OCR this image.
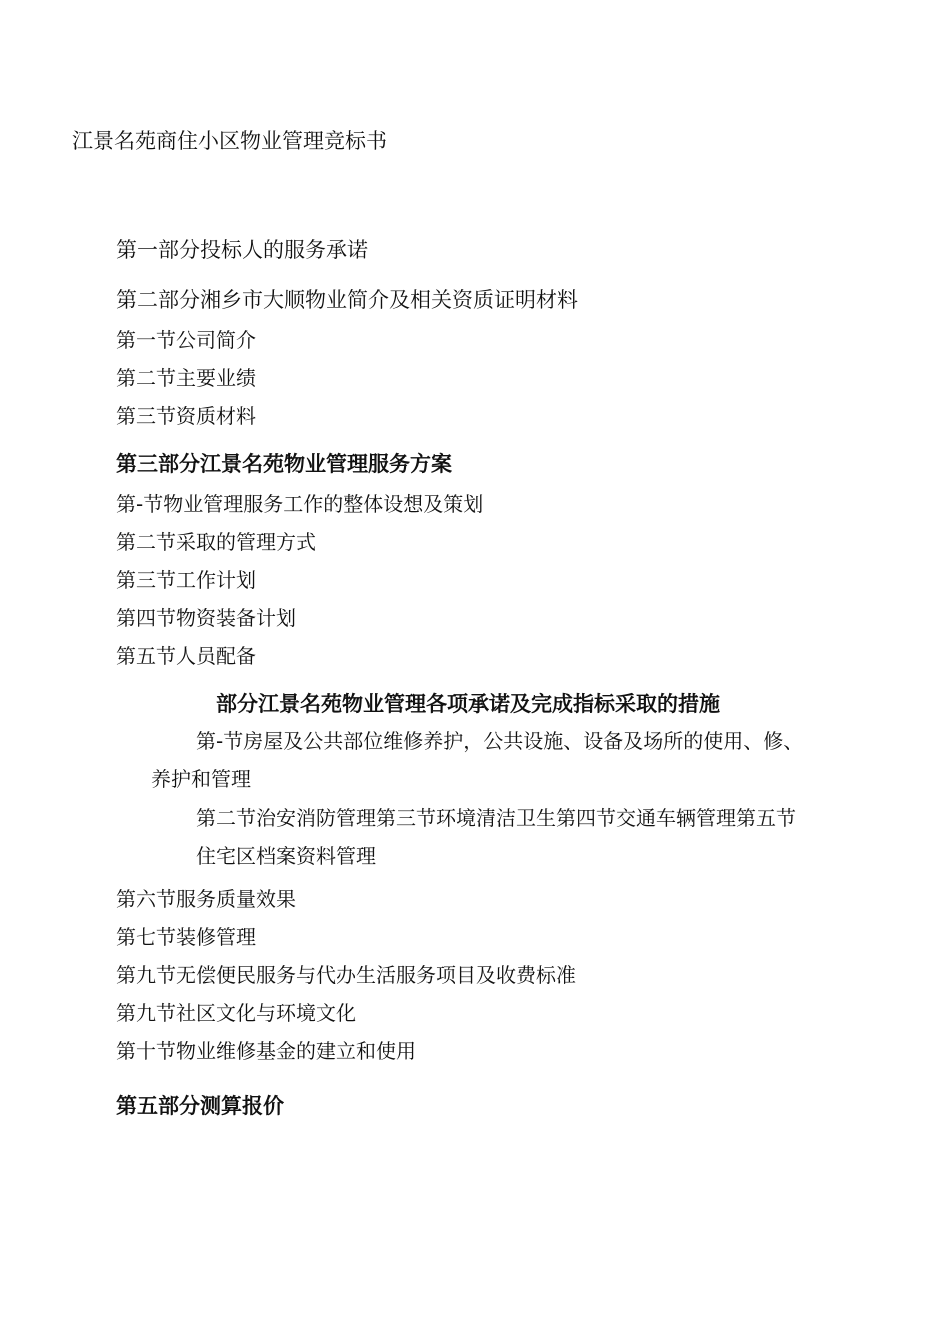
江景名苑商住小区物业管理竞标书

第一部分投标人的服务承诺

第二部分湘乡市大顺物业简介及相关资质证明材料

第一节公司简介

第二节主要业绩

第三节资质材料

第三部分江景名苑物业管理服务方案

第-节物业管理服务工作的整体设想及策划

第二节采取的管理方式

第三节工作计划

第四节物资装备计划

第五节人员配备

部分江景名苑物业管理各项承诺及完成指标采取的措施

第-节房屋及公共部位维修养护，公共设施、设备及场所的使用、修、

养护和管理

第二节治安消防管理第三节环境清洁卫生第四节交通车辆管理第五节

住宅区档案资料管理

第六节服务质量效果

第七节装修管理

第九节无偿便民服务与代办生活服务项目及收费标准

第九节社区文化与环境文化

第十节物业维修基金的建立和使用

第五部分测算报价
